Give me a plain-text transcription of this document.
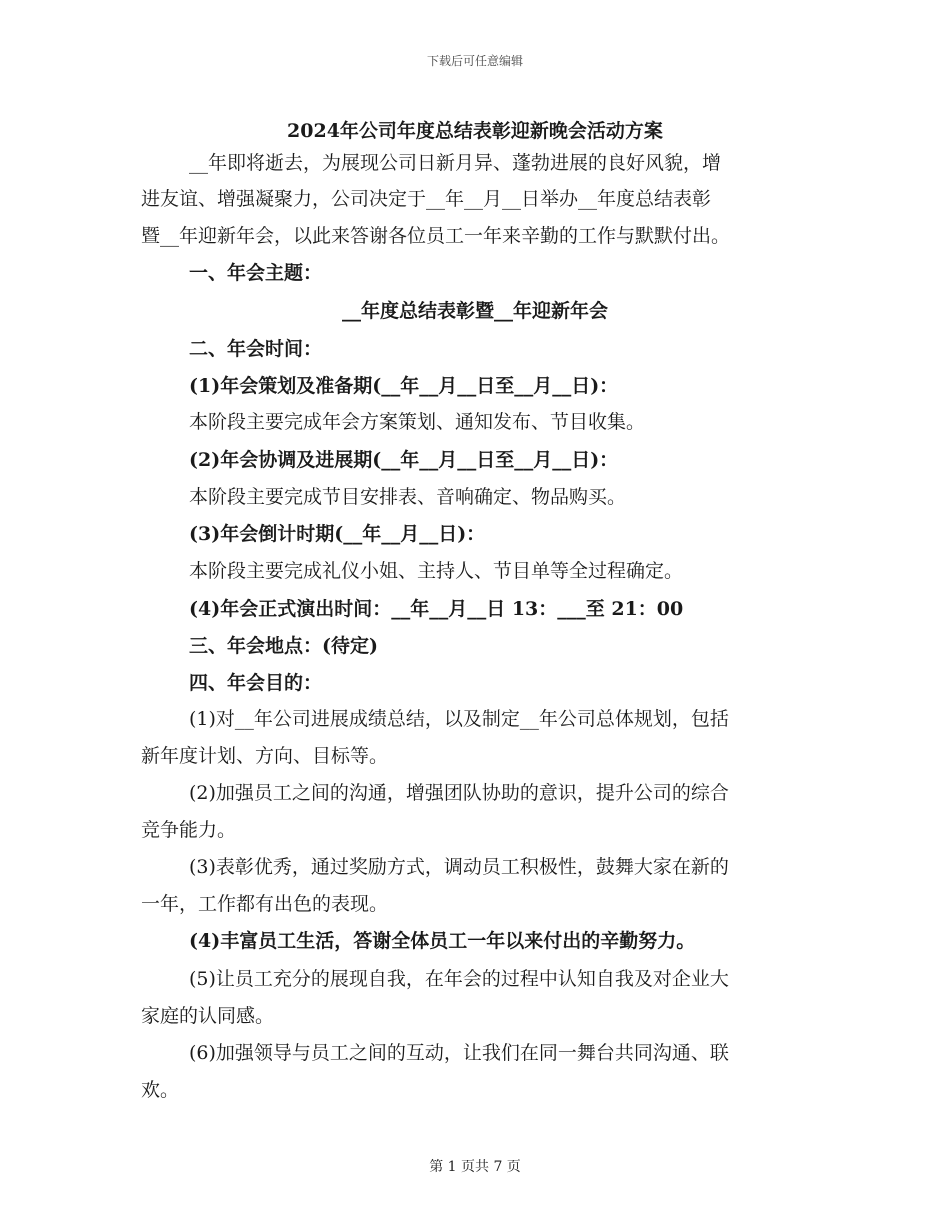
下载后可任意编辑
2024年公司年度总结表彰迎新晚会活动方案
__年即将逝去，为展现公司日新月异、蓬勃进展的良好风貌，增
进友谊、增强凝聚力，公司决定于__年__月__日举办__年度总结表彰
暨__年迎新年会，以此来答谢各位员工一年来辛勤的工作与默默付出。
一、年会主题：
__年度总结表彰暨__年迎新年会
二、年会时间：
(1)年会策划及准备期(__年__月__日至__月__日)：
本阶段主要完成年会方案策划、通知发布、节目收集。
(2)年会协调及进展期(__年__月__日至__月__日)：
本阶段主要完成节目安排表、音响确定、物品购买。
(3)年会倒计时期(__年__月__日)：
本阶段主要完成礼仪小姐、主持人、节目单等全过程确定。
(4)年会正式演出时间：__年__月__日 13：___至 21：00
三、年会地点：(待定)
四、年会目的：
(1)对__年公司进展成绩总结，以及制定__年公司总体规划，包括
新年度计划、方向、目标等。
(2)加强员工之间的沟通，增强团队协助的意识，提升公司的综合
竞争能力。
(3)表彰优秀，通过奖励方式，调动员工积极性，鼓舞大家在新的
一年，工作都有出色的表现。
(4)丰富员工生活，答谢全体员工一年以来付出的辛勤努力。
(5)让员工充分的展现自我，在年会的过程中认知自我及对企业大
家庭的认同感。
(6)加强领导与员工之间的互动，让我们在同一舞台共同沟通、联
欢。
第 1 页共 7 页
